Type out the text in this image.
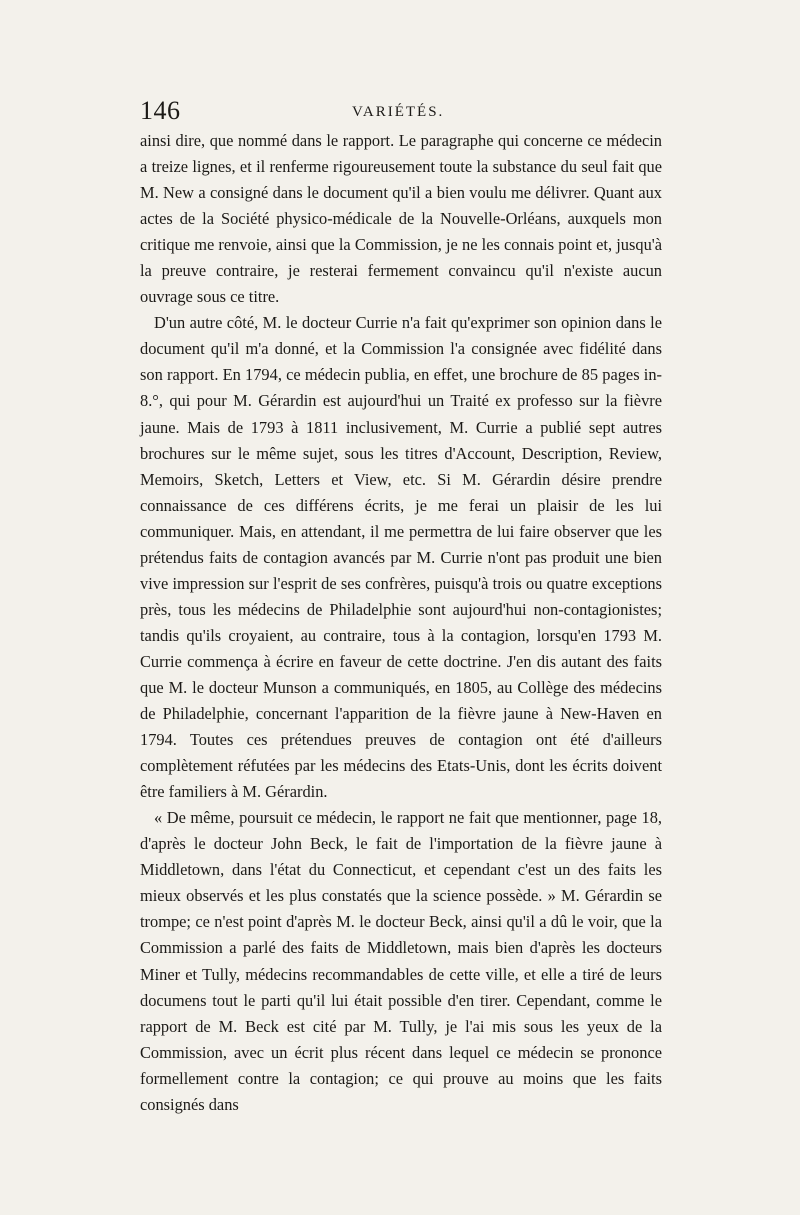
146	VARIÉTÉS.

ainsi dire, que nommé dans le rapport. Le paragraphe qui concerne ce médecin a treize lignes, et il renferme rigoureusement toute la substance du seul fait que M. New a consigné dans le document qu'il a bien voulu me délivrer. Quant aux actes de la Société physico-médicale de la Nouvelle-Orléans, auxquels mon critique me renvoie, ainsi que la Commission, je ne les connais point et, jusqu'à la preuve contraire, je resterai fermement convaincu qu'il n'existe aucun ouvrage sous ce titre.

D'un autre côté, M. le docteur Currie n'a fait qu'exprimer son opinion dans le document qu'il m'a donné, et la Commission l'a consignée avec fidélité dans son rapport. En 1794, ce médecin publia, en effet, une brochure de 85 pages in-8.°, qui pour M. Gérardin est aujourd'hui un Traité ex professo sur la fièvre jaune. Mais de 1793 à 1811 inclusivement, M. Currie a publié sept autres brochures sur le même sujet, sous les titres d'Account, Description, Review, Memoirs, Sketch, Letters et View, etc. Si M. Gérardin désire prendre connaissance de ces différens écrits, je me ferai un plaisir de les lui communiquer. Mais, en attendant, il me permettra de lui faire observer que les prétendus faits de contagion avancés par M. Currie n'ont pas produit une bien vive impression sur l'esprit de ses confrères, puisqu'à trois ou quatre exceptions près, tous les médecins de Philadelphie sont aujourd'hui non-contagionistes; tandis qu'ils croyaient, au contraire, tous à la contagion, lorsqu'en 1793 M. Currie commença à écrire en faveur de cette doctrine. J'en dis autant des faits que M. le docteur Munson a communiqués, en 1805, au Collège des médecins de Philadelphie, concernant l'apparition de la fièvre jaune à New-Haven en 1794. Toutes ces prétendues preuves de contagion ont été d'ailleurs complètement réfutées par les médecins des Etats-Unis, dont les écrits doivent être familiers à M. Gérardin.

« De même, poursuit ce médecin, le rapport ne fait que mentionner, page 18, d'après le docteur John Beck, le fait de l'importation de la fièvre jaune à Middletown, dans l'état du Connecticut, et cependant c'est un des faits les mieux observés et les plus constatés que la science possède. » M. Gérardin se trompe; ce n'est point d'après M. le docteur Beck, ainsi qu'il a dû le voir, que la Commission a parlé des faits de Middletown, mais bien d'après les docteurs Miner et Tully, médecins recommandables de cette ville, et elle a tiré de leurs documens tout le parti qu'il lui était possible d'en tirer. Cependant, comme le rapport de M. Beck est cité par M. Tully, je l'ai mis sous les yeux de la Commission, avec un écrit plus récent dans lequel ce médecin se prononce formellement contre la contagion; ce qui prouve au moins que les faits consignés dans
